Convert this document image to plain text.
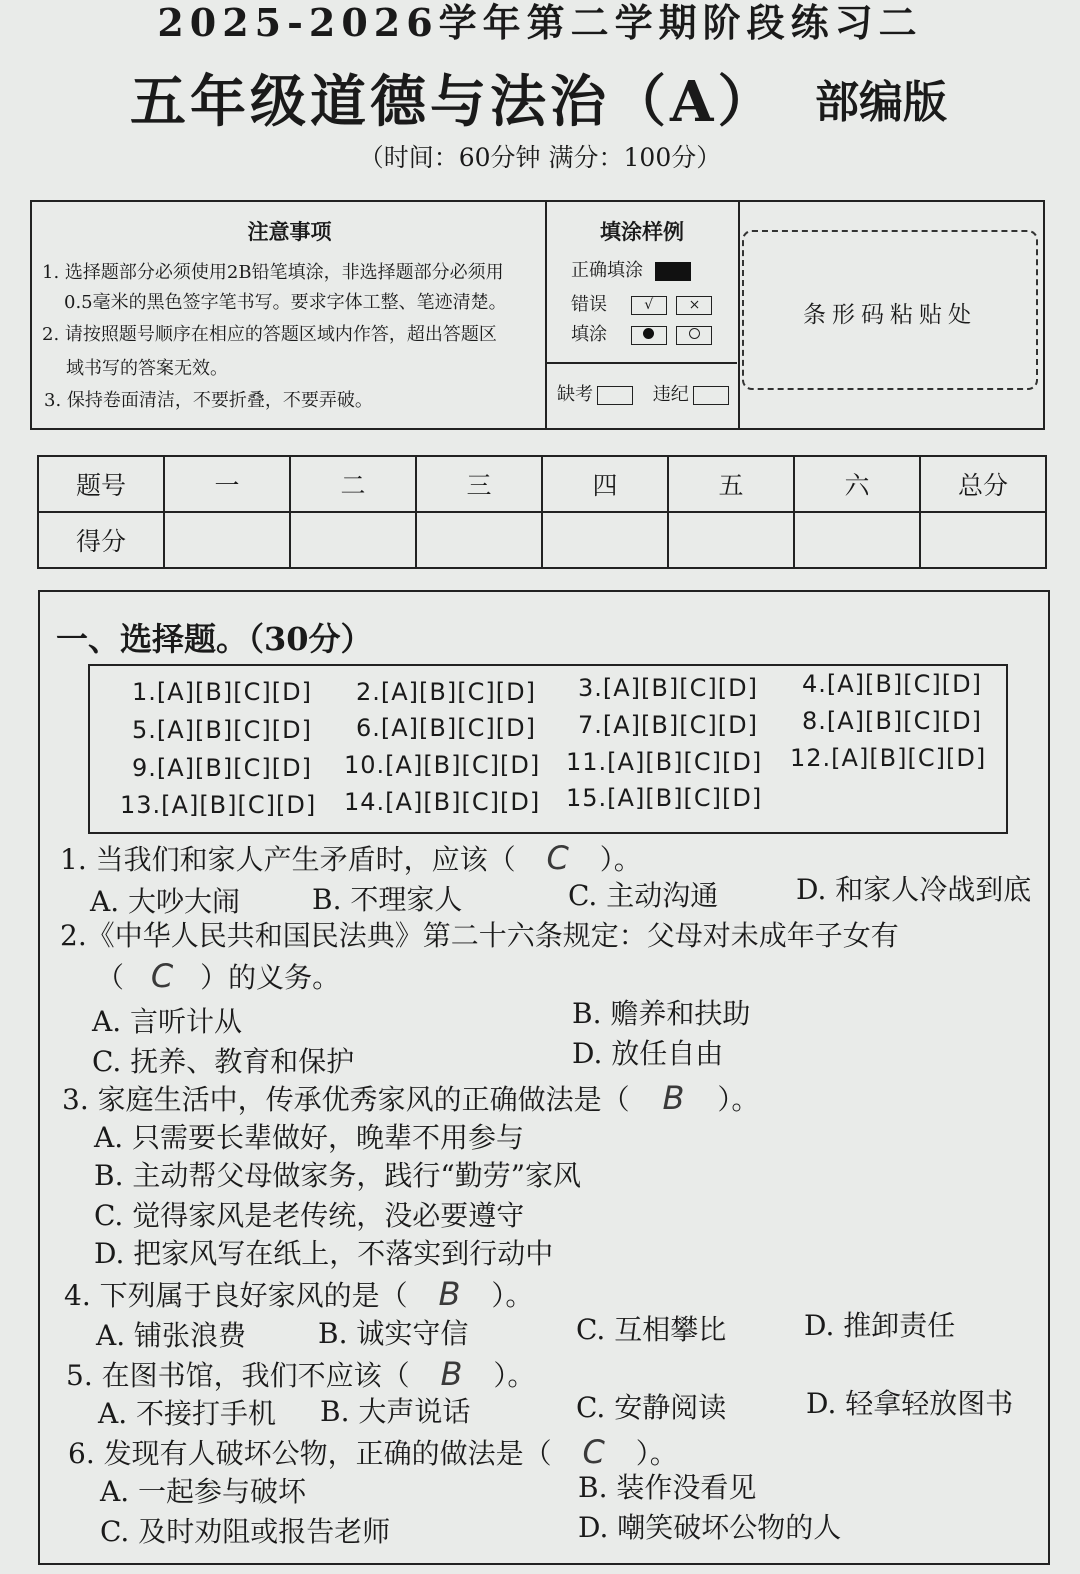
2025-2026学年第二学期阶段练习二
五年级道德与法治（A） 部编版
（时间：60分钟 满分：100分）
注意事项
1. 选择题部分必须使用2B铅笔填涂，非选择题部分必须用
0.5毫米的黑色签字笔书写。要求字体工整、笔迹清楚。
2. 请按照题号顺序在相应的答题区域内作答，超出答题区
域书写的答案无效。
3. 保持卷面清洁，不要折叠，不要弄破。
填涂样例
正确填涂
错误	√	×
填涂
缺考	违纪
条形码粘贴处
题号	一	二	三	四	五	六	总分
得分							
一、选择题。（30分）
1.[A][B][C][D] 2.[A][B][C][D] 3.[A][B][C][D] 4.[A][B][C][D]
5.[A][B][C][D] 6.[A][B][C][D] 7.[A][B][C][D] 8.[A][B][C][D]
9.[A][B][C][D] 10.[A][B][C][D] 11.[A][B][C][D] 12.[A][B][C][D]
13.[A][B][C][D] 14.[A][B][C][D] 15.[A][B][C][D]
1. 当我们和家人产生矛盾时，应该（ C ）。
A. 大吵大闹	B. 不理家人	C. 主动沟通	D. 和家人冷战到底
2.《中华人民共和国民法典》第二十六条规定：父母对未成年子女有
（ C ）的义务。
A. 言听计从	B. 赡养和扶助
C. 抚养、教育和保护	D. 放任自由
3. 家庭生活中，传承优秀家风的正确做法是（ B ）。
A. 只需要长辈做好，晚辈不用参与
B. 主动帮父母做家务，践行“勤劳”家风
C. 觉得家风是老传统，没必要遵守
D. 把家风写在纸上，不落实到行动中
4. 下列属于良好家风的是（ B ）。
A. 铺张浪费	B. 诚实守信	C. 互相攀比	D. 推卸责任
5. 在图书馆，我们不应该（ B ）。
A. 不接打手机 B. 大声说话	C. 安静阅读	D. 轻拿轻放图书
6. 发现有人破坏公物，正确的做法是（ C ）。
A. 一起参与破坏	B. 装作没看见
C. 及时劝阻或报告老师	D. 嘲笑破坏公物的人
